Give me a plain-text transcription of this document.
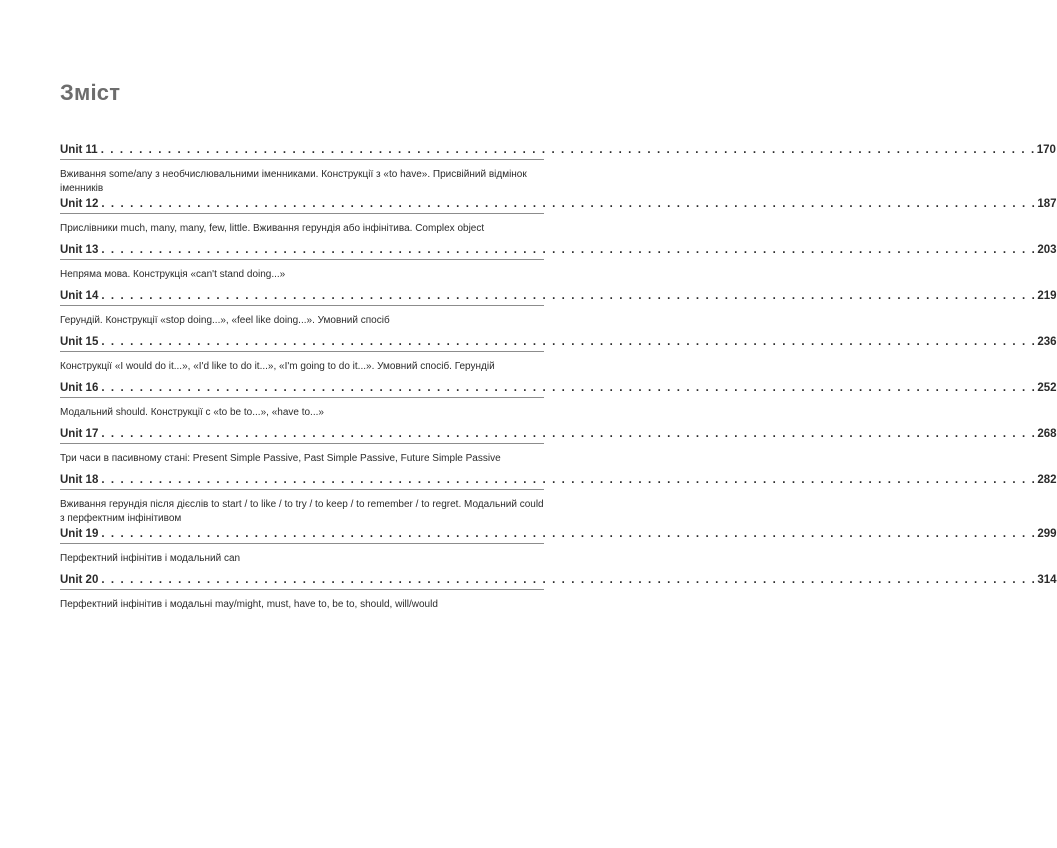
Зміст
Unit 11 . . . . . . . . . . . . . . . . . . . . . . . . . . . . . . . . . . . . . . . . . . . . . . . . . . . . . . . . . . . . . . . . . . . . . . . . . . . . . . . . . . . . . . . . . . . . . . . . . . 170
Вживання some/any з необчислювальними іменниками. Конструкції з «to have». Присвійний відмінок іменників
Unit 12 . . . . . . . . . . . . . . . . . . . . . . . . . . . . . . . . . . . . . . . . . . . . . . . . . . . . . . . . . . . . . . . . . . . . . . . . . . . . . . . . . . . . . . . . . . . . . . . . . . 187
Прислівники much, many, many, few, little. Вживання герундія або інфінітива. Complex object
Unit 13 . . . . . . . . . . . . . . . . . . . . . . . . . . . . . . . . . . . . . . . . . . . . . . . . . . . . . . . . . . . . . . . . . . . . . . . . . . . . . . . . . . . . . . . . . . . . . . . . . . 203
Непряма мова. Конструкція «can't stand doing...»
Unit 14 . . . . . . . . . . . . . . . . . . . . . . . . . . . . . . . . . . . . . . . . . . . . . . . . . . . . . . . . . . . . . . . . . . . . . . . . . . . . . . . . . . . . . . . . . . . . . . . . . . 219
Герундій. Конструкції «stop doing...», «feel like doing...». Умовний спосіб
Unit 15 . . . . . . . . . . . . . . . . . . . . . . . . . . . . . . . . . . . . . . . . . . . . . . . . . . . . . . . . . . . . . . . . . . . . . . . . . . . . . . . . . . . . . . . . . . . . . . . . . . 236
Конструкції «I would do it...», «I'd like to do it...», «I'm going to do it...». Умовний спосіб. Герундій
Unit 16 . . . . . . . . . . . . . . . . . . . . . . . . . . . . . . . . . . . . . . . . . . . . . . . . . . . . . . . . . . . . . . . . . . . . . . . . . . . . . . . . . . . . . . . . . . . . . . . . . . 252
Модальний should. Конструкції с «to be to...», «have to...»
Unit 17 . . . . . . . . . . . . . . . . . . . . . . . . . . . . . . . . . . . . . . . . . . . . . . . . . . . . . . . . . . . . . . . . . . . . . . . . . . . . . . . . . . . . . . . . . . . . . . . . . . 268
Три часи в пасивному стані: Present Simple Passive, Past Simple Passive, Future Simple Passive
Unit 18 . . . . . . . . . . . . . . . . . . . . . . . . . . . . . . . . . . . . . . . . . . . . . . . . . . . . . . . . . . . . . . . . . . . . . . . . . . . . . . . . . . . . . . . . . . . . . . . . . . 282
Вживання герундія після дієслів to start / to like / to try / to keep / to remember / to regret. Модальний could з перфектним інфінітивом
Unit 19 . . . . . . . . . . . . . . . . . . . . . . . . . . . . . . . . . . . . . . . . . . . . . . . . . . . . . . . . . . . . . . . . . . . . . . . . . . . . . . . . . . . . . . . . . . . . . . . . . . 299
Перфектний інфінітив і модальний can
Unit 20 . . . . . . . . . . . . . . . . . . . . . . . . . . . . . . . . . . . . . . . . . . . . . . . . . . . . . . . . . . . . . . . . . . . . . . . . . . . . . . . . . . . . . . . . . . . . . . . . . . 314
Перфектний інфінітив і модальні may/might, must, have to, be to, should, will/would
